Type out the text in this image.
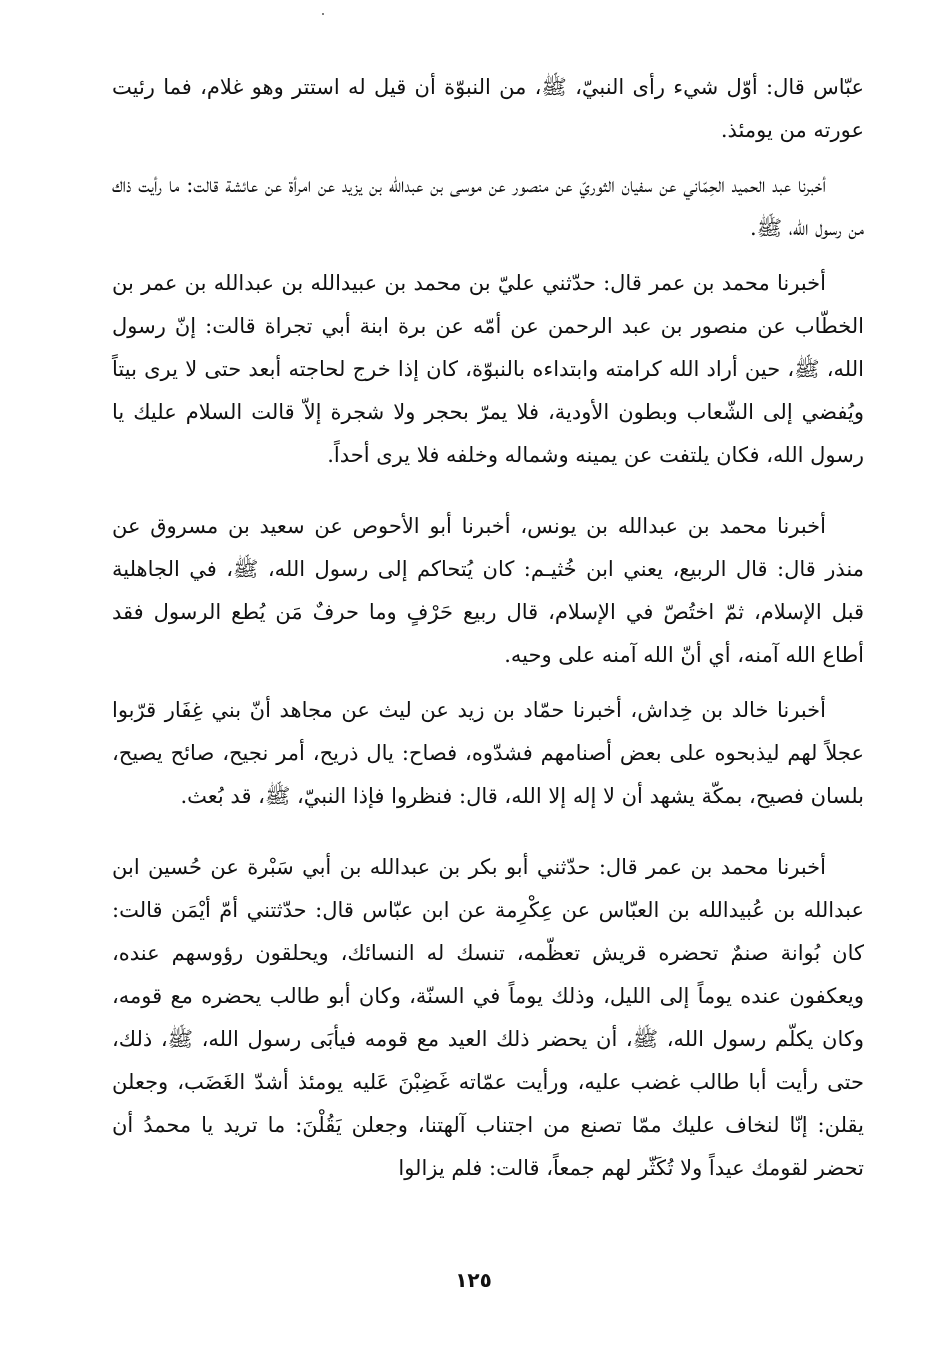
عبّاس قال: أوّل شيء رأى النبيّ، ﷺ، من النبوّة أن قيل له استتر وهو غلام، فما رئيت عورته من يومئذ.

أخبرنا عبد الحميد الحِمّاني عن سفيان الثوريّ عن منصور عن موسى بن عبدالله بن يزيد عن امرأة عن عائشة قالت: ما رأيت ذاك من رسول الله، ﷺ.

أخبرنا محمد بن عمر قال: حدّثني عليّ بن محمد بن عبيدالله بن عبدالله بن عمر بن الخطّاب عن منصور بن عبد الرحمن عن أمّه عن برة ابنة أبي تجراة قالت: إنّ رسول الله، ﷺ، حين أراد الله كرامته وابتداءه بالنبوّة، كان إذا خرج لحاجته أبعد حتى لا يرى بيتاً ويُفضي إلى الشّعاب وبطون الأودية، فلا يمرّ بحجر ولا شجرة إلاّ قالت السلام عليك يا رسول الله، فكان يلتفت عن يمينه وشماله وخلفه فلا يرى أحداً.

أخبرنا محمد بن عبدالله بن يونس، أخبرنا أبو الأحوص عن سعيد بن مسروق عن منذر قال: قال الربيع، يعني ابن خُثيـم: كان يُتحاكم إلى رسول الله، ﷺ، في الجاهلية قبل الإسلام، ثمّ اختُصّ في الإسلام، قال ربيع حَرْفٍ وما حرفٌ مَن يُطع الرسول فقد أطاع الله آمنه، أي أنّ الله آمنه على وحيه.

أخبرنا خالد بن خِداش، أخبرنا حمّاد بن زيد عن ليث عن مجاهد أنّ بني غِفَار قرّبوا عجلاً لهم ليذبحوه على بعض أصنامهم فشدّوه، فصاح: يال ذريح، أمر نجيح، صائح يصيح، بلسان فصيح، بمكّة يشهد أن لا إله إلا الله، قال: فنظروا فإذا النبيّ، ﷺ، قد بُعث.

أخبرنا محمد بن عمر قال: حدّثني أبو بكر بن عبدالله بن أبي سَبْرة عن حُسين ابن عبدالله بن عُبيدالله بن العبّاس عن عِكْرِمة عن ابن عبّاس قال: حدّثتني أمّ أيْمَن قالت: كان بُوانة صنمٌ تحضره قريش تعظّمه، تنسك له النسائك، ويحلقون رؤوسهم عنده، ويعكفون عنده يوماً إلى الليل، وذلك يوماً في السنّة، وكان أبو طالب يحضره مع قومه، وكان يكلّم رسول الله، ﷺ، أن يحضر ذلك العيد مع قومه فيأبَى رسول الله، ﷺ، ذلك، حتى رأيت أبا طالب غضب عليه، ورأيت عمّاته غَضِبْنَ عَليه يومئذ أشدّ الغَضَب، وجعلن يقلن: إنّا لنخاف عليك ممّا تصنع من اجتناب آلهتنا، وجعلن يَقُلْنَ: ما تريد يا محمدُ أن تحضر لقومك عيداً ولا تُكَثّر لهم جمعاً، قالت: فلم يزالوا

١٢٥
